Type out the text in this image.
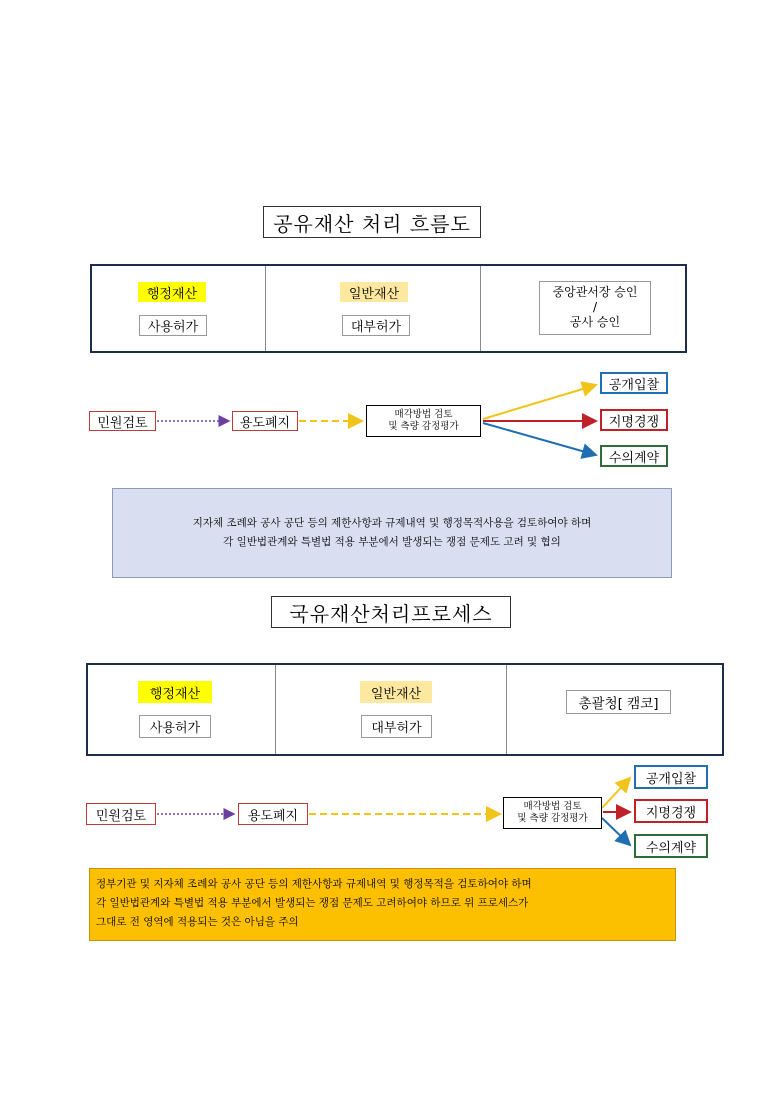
공유재산 처리 흐름도
행정재산
사용허가
일반재산
대부허가
중앙관서장 승인
/
공사 승인
민원검토	용도폐지
매각방법 검토
및 측량 감정평가
공개입찰
지명경쟁
수의계약
지자체 조례와 공사 공단 등의 제한사항과 규제내역 및 행정목적사용을 검토하여야 하며
각 일반법관계와 특별법 적용 부분에서 발생되는 쟁점 문제도 고려 및 협의
국유재산처리프로세스
행정재산
사용허가
일반재산
대부허가
총괄청[ 캠코]
민원검토	용도폐지
매각방법 검토
및 측량 감정평가
공개입찰
지명경쟁
수의계약
정부기관 및 지자체 조례와 공사 공단 등의 제한사항과 규제내역 및 행정목적을 검토하여야 하며
각 일반법관계와 특별법 적용 부분에서 발생되는 쟁점 문제도 고려하여야 하므로 위 프로세스가
그대로 전 영역에 적용되는 것은 아님을 주의
